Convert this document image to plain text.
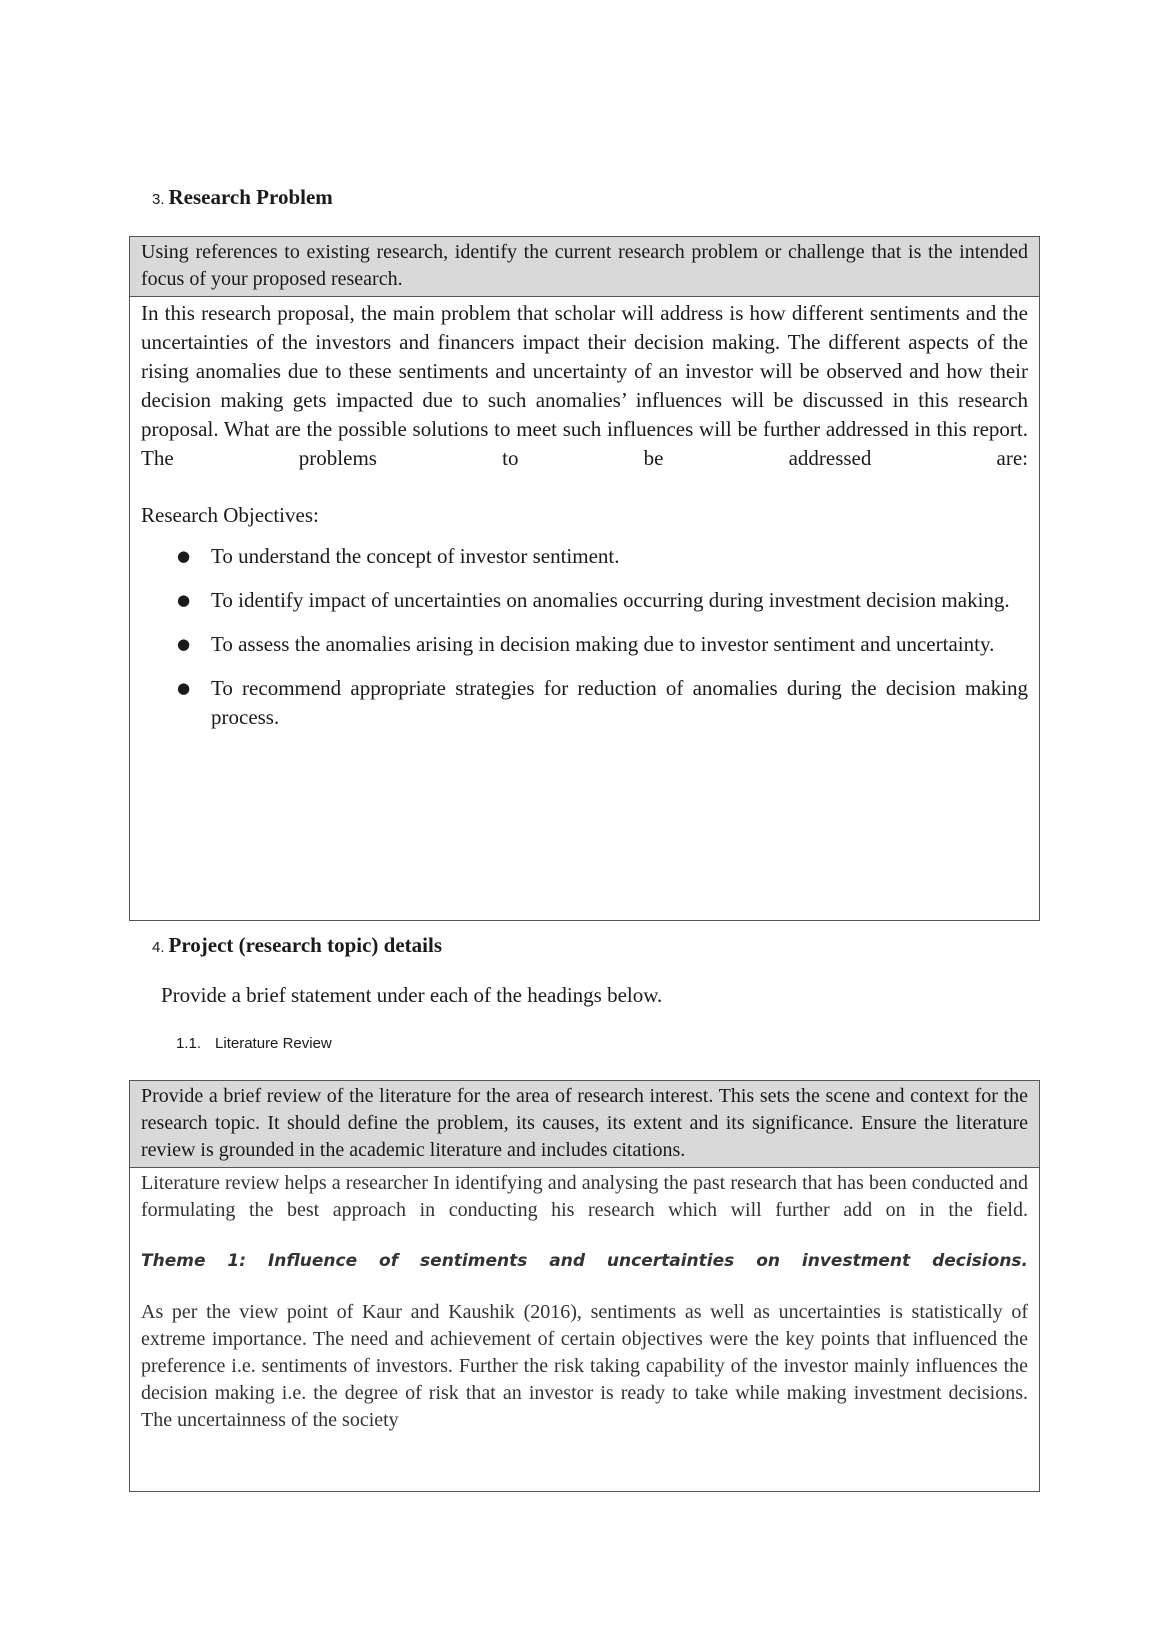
3. Research Problem
Using references to existing research, identify the current research problem or challenge that is the intended focus of your proposed research.
In this research proposal, the main problem that scholar will address is how different sentiments and the uncertainties of the investors and financers impact their decision making. The different aspects of the rising anomalies due to these sentiments and uncertainty of an investor will be observed and how their decision making gets impacted due to such anomalies’ influences will be discussed in this research proposal. What are the possible solutions to meet such influences will be further addressed in this report. The problems to be addressed are:
Research Objectives:
● To understand the concept of investor sentiment.
● To identify impact of uncertainties on anomalies occurring during investment decision making.
● To assess the anomalies arising in decision making due to investor sentiment and uncertainty.
● To recommend appropriate strategies for reduction of anomalies during the decision making process.
4. Project (research topic) details
Provide a brief statement under each of the headings below.
1.1. Literature Review
Provide a brief review of the literature for the area of research interest. This sets the scene and context for the research topic. It should define the problem, its causes, its extent and its significance. Ensure the literature review is grounded in the academic literature and includes citations.
Literature review helps a researcher In identifying and analysing the past research that has been conducted and formulating the best approach in conducting his research which will further add on in the field.
Theme 1: Influence of sentiments and uncertainties on investment decisions.
As per the view point of Kaur and Kaushik (2016), sentiments as well as uncertainties is statistically of extreme importance. The need and achievement of certain objectives were the key points that influenced the preference i.e. sentiments of investors. Further the risk taking capability of the investor mainly influences the decision making i.e. the degree of risk that an investor is ready to take while making investment decisions. The uncertainness of the society
